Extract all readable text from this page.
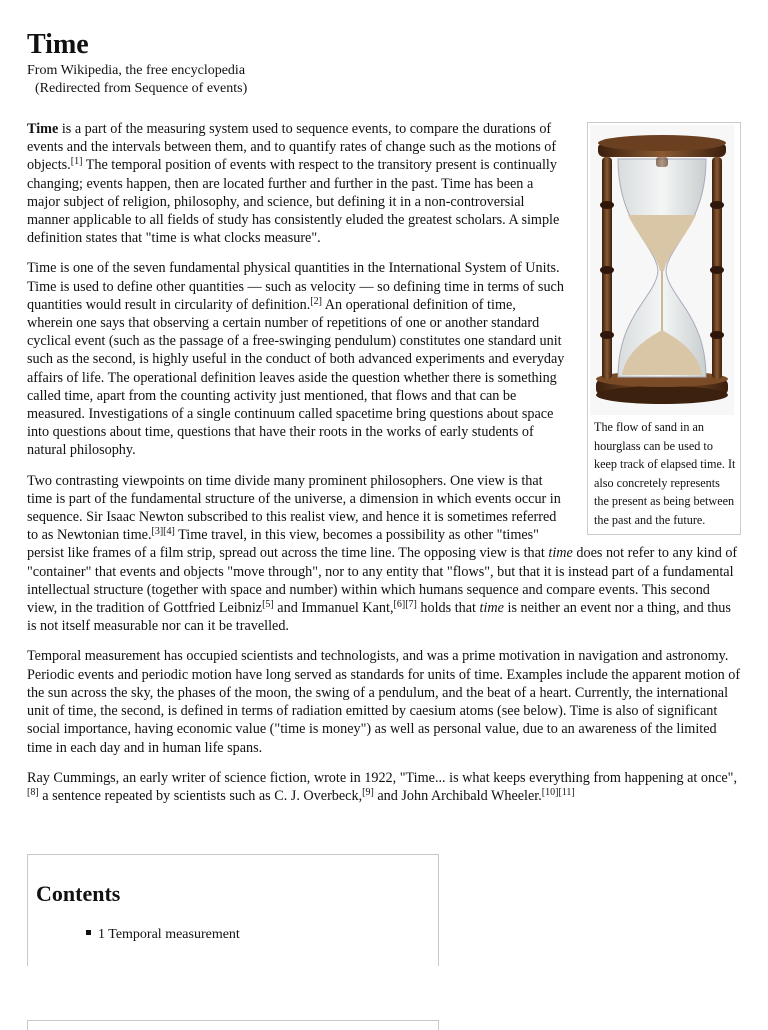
Time

From Wikipedia, the free encyclopedia

(Redirected from Sequence of events)

The flow of sand in an hourglass can be used to keep track of elapsed time. It also concretely represents the present as being between the past and the future.

Time is a part of the measuring system used to sequence events, to compare the durations of events and the intervals between them, and to quantify rates of change such as the motions of objects.[1] The temporal position of events with respect to the transitory present is continually changing; events happen, then are located further and further in the past. Time has been a major subject of religion, philosophy, and science, but defining it in a non-controversial manner applicable to all fields of study has consistently eluded the greatest scholars. A simple definition states that "time is what clocks measure".

Time is one of the seven fundamental physical quantities in the International System of Units. Time is used to define other quantities — such as velocity — so defining time in terms of such quantities would result in circularity of definition.[2] An operational definition of time, wherein one says that observing a certain number of repetitions of one or another standard cyclical event (such as the passage of a free-swinging pendulum) constitutes one standard unit such as the second, is highly useful in the conduct of both advanced experiments and everyday affairs of life. The operational definition leaves aside the question whether there is something called time, apart from the counting activity just mentioned, that flows and that can be measured. Investigations of a single continuum called spacetime bring questions about space into questions about time, questions that have their roots in the works of early students of natural philosophy.

Two contrasting viewpoints on time divide many prominent philosophers. One view is that time is part of the fundamental structure of the universe, a dimension in which events occur in sequence. Sir Isaac Newton subscribed to this realist view, and hence it is sometimes referred to as Newtonian time.[3][4] Time travel, in this view, becomes a possibility as other "times" persist like frames of a film strip, spread out across the time line. The opposing view is that time does not refer to any kind of "container" that events and objects "move through", nor to any entity that "flows", but that it is instead part of a fundamental intellectual structure (together with space and number) within which humans sequence and compare events. This second view, in the tradition of Gottfried Leibniz[5] and Immanuel Kant,[6][7] holds that time is neither an event nor a thing, and thus is not itself measurable nor can it be travelled.

Temporal measurement has occupied scientists and technologists, and was a prime motivation in navigation and astronomy. Periodic events and periodic motion have long served as standards for units of time. Examples include the apparent motion of the sun across the sky, the phases of the moon, the swing of a pendulum, and the beat of a heart. Currently, the international unit of time, the second, is defined in terms of radiation emitted by caesium atoms (see below). Time is also of significant social importance, having economic value ("time is money") as well as personal value, due to an awareness of the limited time in each day and in human life spans.

Ray Cummings, an early writer of science fiction, wrote in 1922, "Time... is what keeps everything from happening at once",[8] a sentence repeated by scientists such as C. J. Overbeck,[9] and John Archibald Wheeler.[10][11]

Contents
1 Temporal measurement
